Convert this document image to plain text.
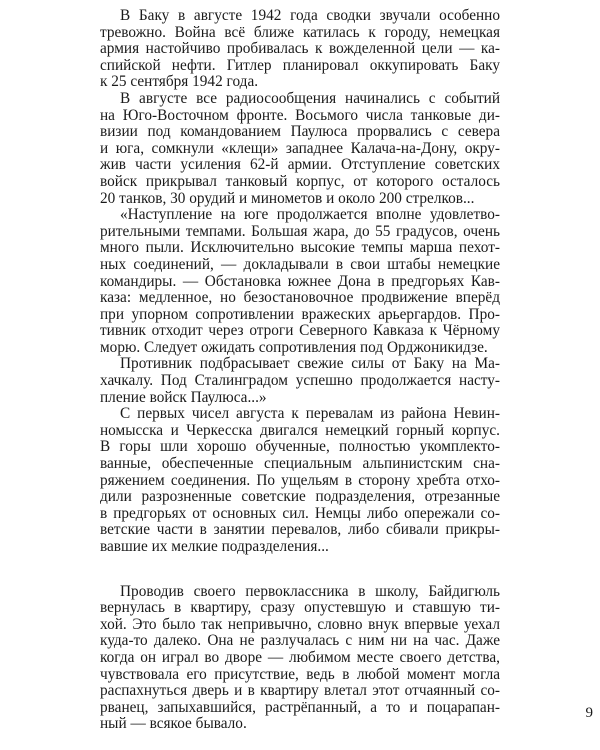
В Баку в августе 1942 года сводки звучали особенно
тревожно. Война всё ближе катилась к городу, немецкая
армия настойчиво пробивалась к вожделенной цели — ка-
спийской нефти. Гитлер планировал оккупировать Баку
к 25 сентября 1942 года.
В августе все радиосообщения начинались с событий
на Юго-Восточном фронте. Восьмого числа танковые ди-
визии под командованием Паулюса прорвались с севера
и юга, сомкнули «клещи» западнее Калача-на-Дону, окру-
жив части усиления 62-й армии. Отступление советских
войск прикрывал танковый корпус, от которого осталось
20 танков, 30 орудий и минометов и около 200 стрелков...
«Наступление на юге продолжается вполне удовлетво-
рительными темпами. Большая жара, до 55 градусов, очень
много пыли. Исключительно высокие темпы марша пехот-
ных соединений, — докладывали в свои штабы немецкие
командиры. — Обстановка южнее Дона в предгорьях Кав-
каза: медленное, но безостановочное продвижение вперёд
при упорном сопротивлении вражеских арьергардов. Про-
тивник отходит через отроги Северного Кавказа к Чёрному
морю. Следует ожидать сопротивления под Орджоникидзе.
Противник подбрасывает свежие силы от Баку на Ма-
хачкалу. Под Сталинградом успешно продолжается насту-
пление войск Паулюса...»
С первых чисел августа к перевалам из района Невин-
номысска и Черкесска двигался немецкий горный корпус.
В горы шли хорошо обученные, полностью укомплекто-
ванные, обеспеченные специальным альпинистским сна-
ряжением соединения. По ущельям в сторону хребта отхо-
дили разрозненные советские подразделения, отрезанные
в предгорьях от основных сил. Немцы либо опережали со-
ветские части в занятии перевалов, либо сбивали прикры-
вавшие их мелкие подразделения...
Проводив своего первоклассника в школу, Байдигюль
вернулась в квартиру, сразу опустевшую и ставшую ти-
хой. Это было так непривычно, словно внук впервые уехал
куда-то далеко. Она не разлучалась с ним ни на час. Даже
когда он играл во дворе — любимом месте своего детства,
чувствовала его присутствие, ведь в любой момент могла
распахнуться дверь и в квартиру влетал этот отчаянный со-
рванец, запыхавшийся, растрёпанный, а то и поцарапан-
ный — всякое бывало.
9
